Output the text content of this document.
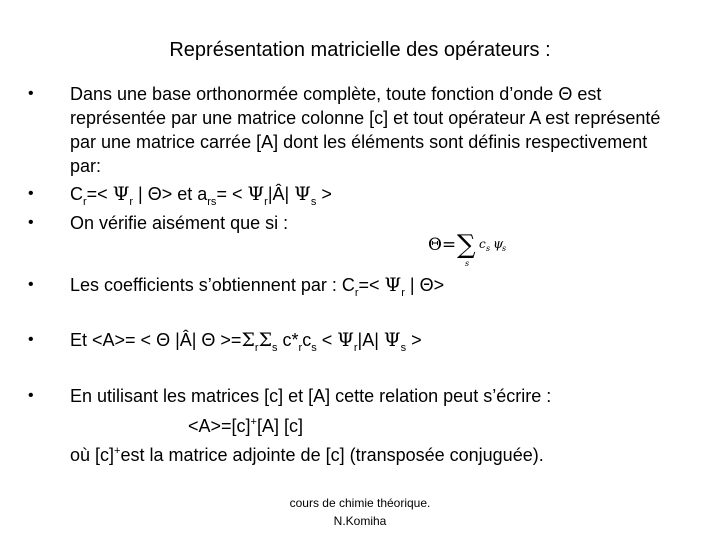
Représentation matricielle des opérateurs :
• Dans une base orthonormée complète, toute fonction d’onde Θ est représentée par une matrice colonne [c] et tout opérateur A est représenté par une matrice carrée [A] dont les éléments sont définis respectivement par:
• $C_r=< \Psi_r$ | Θ> et $a_{rs}=$ < $\Psi_r|Â|$ $\Psi_s$ >
• On vérifie aisément que si :
Θ= ∑
s
c s ψ
s
• Les coefficients s’obtiennent par : $C_r=< \Psi_r$ | Θ>
• Et <A>= < Θ |Â| $\Theta >=\Sigma_r\Sigma_s$ $c*_rc_s < \Psi_r|A|$ $\Psi_s$ >
• En utilisant les matrices [c] et [A] cette relation peut s’écrire :
<A>=[c]+[A] [c]
où [c]+est la matrice adjointe de [c] (transposée conjuguée).
cours de chimie théorique.
N.Komiha
